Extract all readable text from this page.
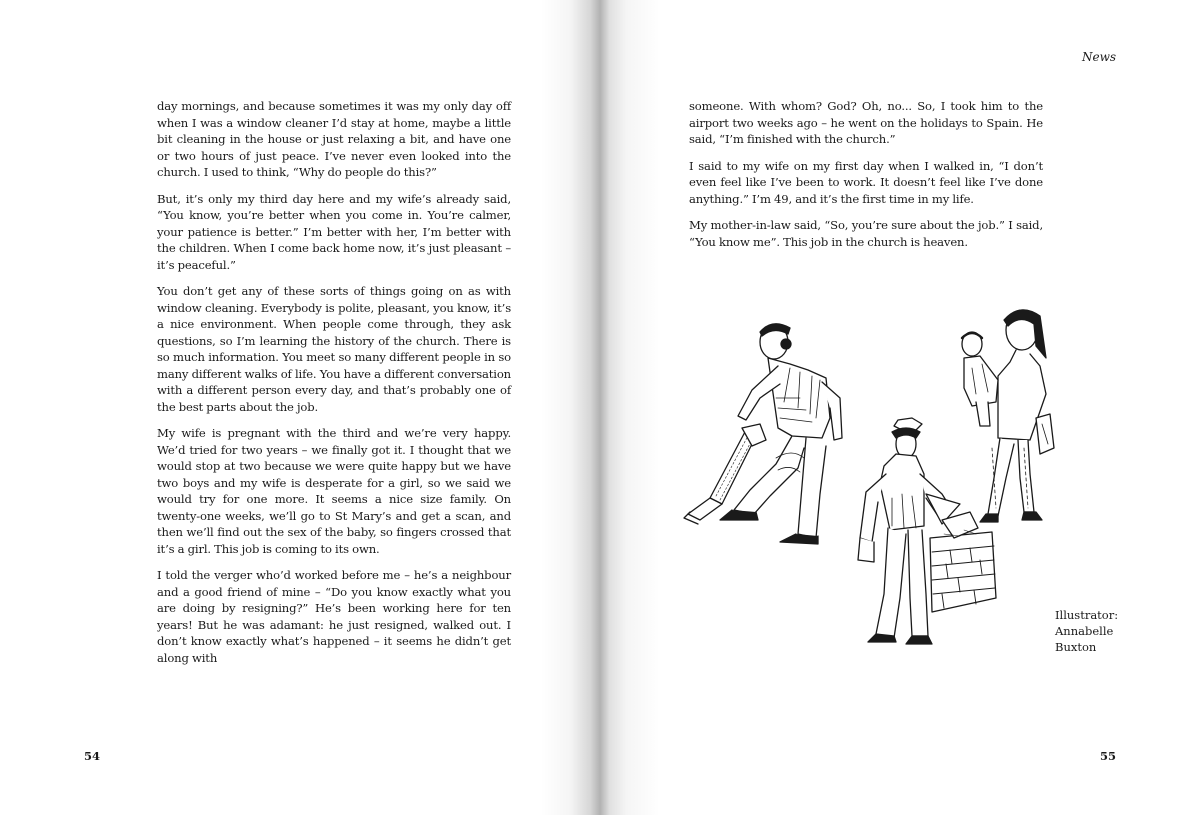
day mornings, and because sometimes it was my only day off when I was a window cleaner I’d stay at home, maybe a little bit cleaning in the house or just relaxing a bit, and have one or two hours of just peace. I’ve never even looked into the church. I used to think, “Why do people do this?”

But, it’s only my third day here and my wife’s already said, “You know, you’re better when you come in. You’re calmer, your patience is better.” I’m better with her, I’m better with the children. When I come back home now, it’s just pleasant – it’s peaceful.”

You don’t get any of these sorts of things going on as with window cleaning. Everybody is polite, pleasant, you know, it’s a nice environment. When people come through, they ask questions, so I’m learning the history of the church. There is so much information. You meet so many different people in so many different walks of life. You have a different conversation with a different person every day, and that’s probably one of the best parts about the job.

My wife is pregnant with the third and we’re very happy. We’d tried for two years – we finally got it. I thought that we would stop at two because we were quite happy but we have two boys and my wife is desperate for a girl, so we said we would try for one more. It seems a nice size family. On twenty-one weeks, we’ll go to St Mary’s and get a scan, and then we’ll find out the sex of the baby, so fingers crossed that it’s a girl. This job is coming to its own.

I told the verger who’d worked before me – he’s a neighbour and a good friend of mine – “Do you know exactly what you are doing by resigning?” He’s been working here for ten years! But he was adamant: he just resigned, walked out. I don’t know exactly what’s happened – it seems he didn’t get along with

54	55
News

someone. With whom? God? Oh, no... So, I took him to the airport two weeks ago – he went on the holidays to Spain. He said, “I’m finished with the church.”

I said to my wife on my first day when I walked in, “I don’t even feel like I’ve been to work. It doesn’t feel like I’ve done anything.” I’m 49, and it’s the first time in my life.

My mother-in-law said, “So, you’re sure about the job.” I said, “You know me”. This job in the church is heaven.

Illustrator:
Annabelle
Buxton
